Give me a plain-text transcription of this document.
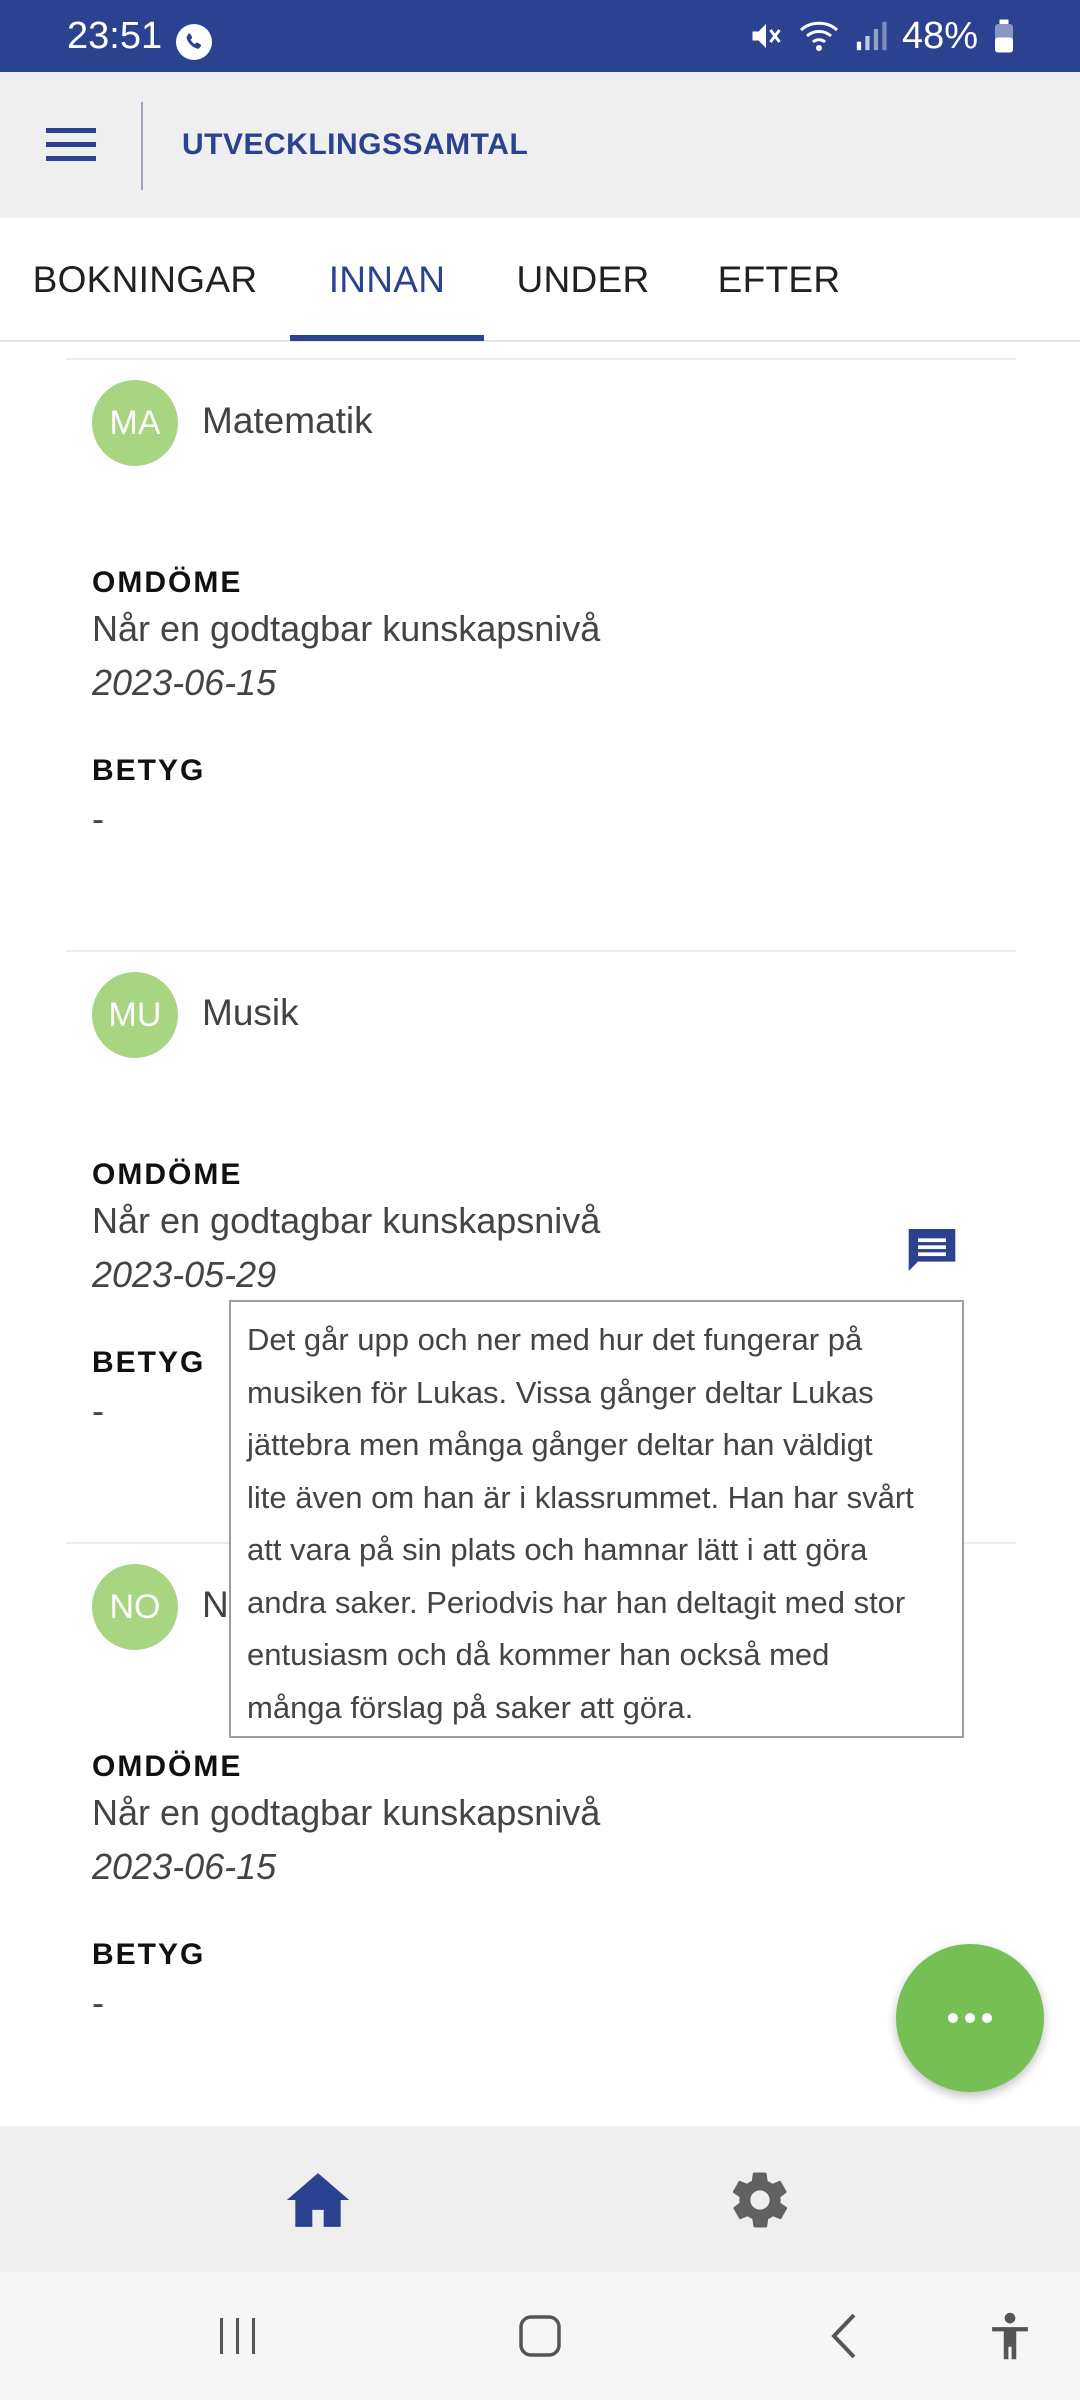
23:51	48%
UTVECKLINGSSAMTAL
BOKNINGAR	INNAN	UNDER	EFTER
MA	Matematik
OMDÖME
Når en godtagbar kunskapsnivå
2023-06-15
BETYG
-
MU	Musik
OMDÖME
Når en godtagbar kunskapsnivå
2023-05-29
BETYG
-
NO	N
OMDÖME
Når en godtagbar kunskapsnivå
2023-06-15
BETYG
-
Det går upp och ner med hur det fungerar på
musiken för Lukas. Vissa gånger deltar Lukas
jättebra men många gånger deltar han väldigt
lite även om han är i klassrummet. Han har svårt
att vara på sin plats och hamnar lätt i att göra
andra saker. Periodvis har han deltagit med stor
entusiasm och då kommer han också med
många förslag på saker att göra.
